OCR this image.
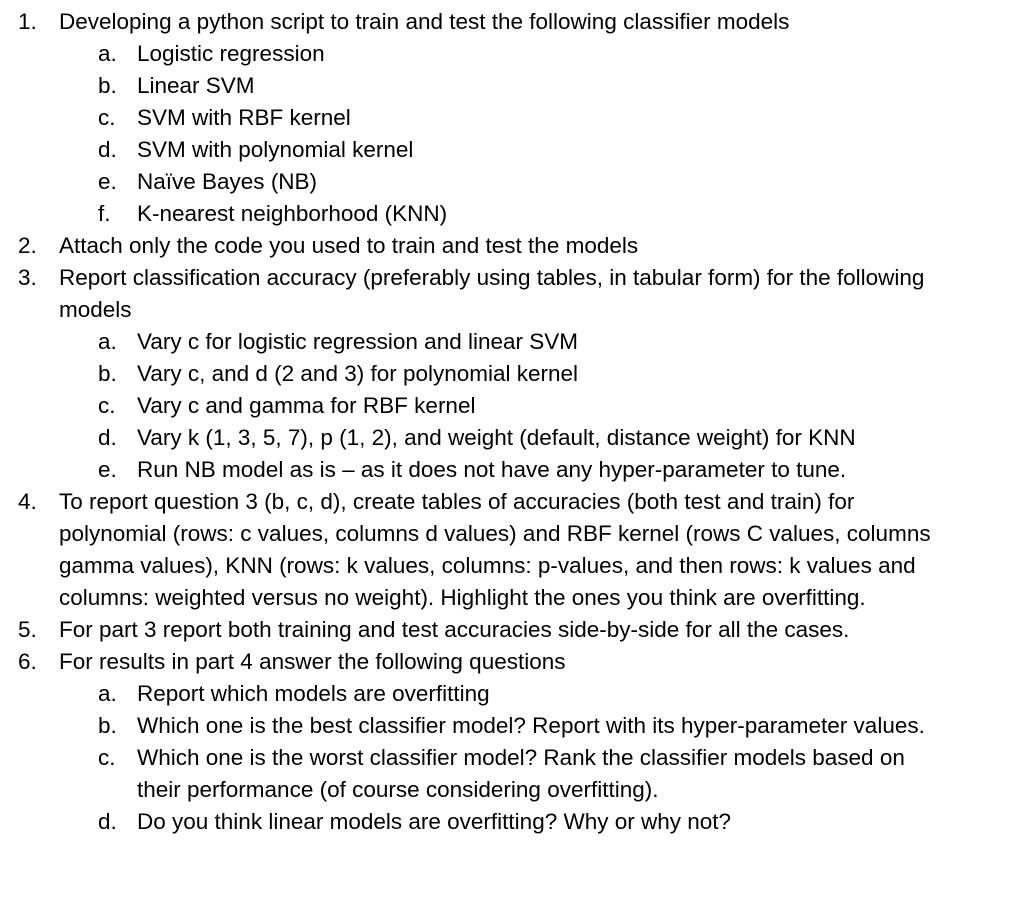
1. Developing a python script to train and test the following classifier models
a. Logistic regression
b. Linear SVM
c. SVM with RBF kernel
d. SVM with polynomial kernel
e. Naïve Bayes (NB)
f. K-nearest neighborhood (KNN)
2. Attach only the code you used to train and test the models
3. Report classification accuracy (preferably using tables, in tabular form) for the following
models
a. Vary c for logistic regression and linear SVM
b. Vary c, and d (2 and 3) for polynomial kernel
c. Vary c and gamma for RBF kernel
d. Vary k (1, 3, 5, 7), p (1, 2), and weight (default, distance weight) for KNN
e. Run NB model as is – as it does not have any hyper-parameter to tune.
4. To report question 3 (b, c, d), create tables of accuracies (both test and train) for
polynomial (rows: c values, columns d values) and RBF kernel (rows C values, columns
gamma values), KNN (rows: k values, columns: p-values, and then rows: k values and
columns: weighted versus no weight). Highlight the ones you think are overfitting.
5. For part 3 report both training and test accuracies side-by-side for all the cases.
6. For results in part 4 answer the following questions
a. Report which models are overfitting
b. Which one is the best classifier model? Report with its hyper-parameter values.
c. Which one is the worst classifier model? Rank the classifier models based on
their performance (of course considering overfitting).
d. Do you think linear models are overfitting? Why or why not?
